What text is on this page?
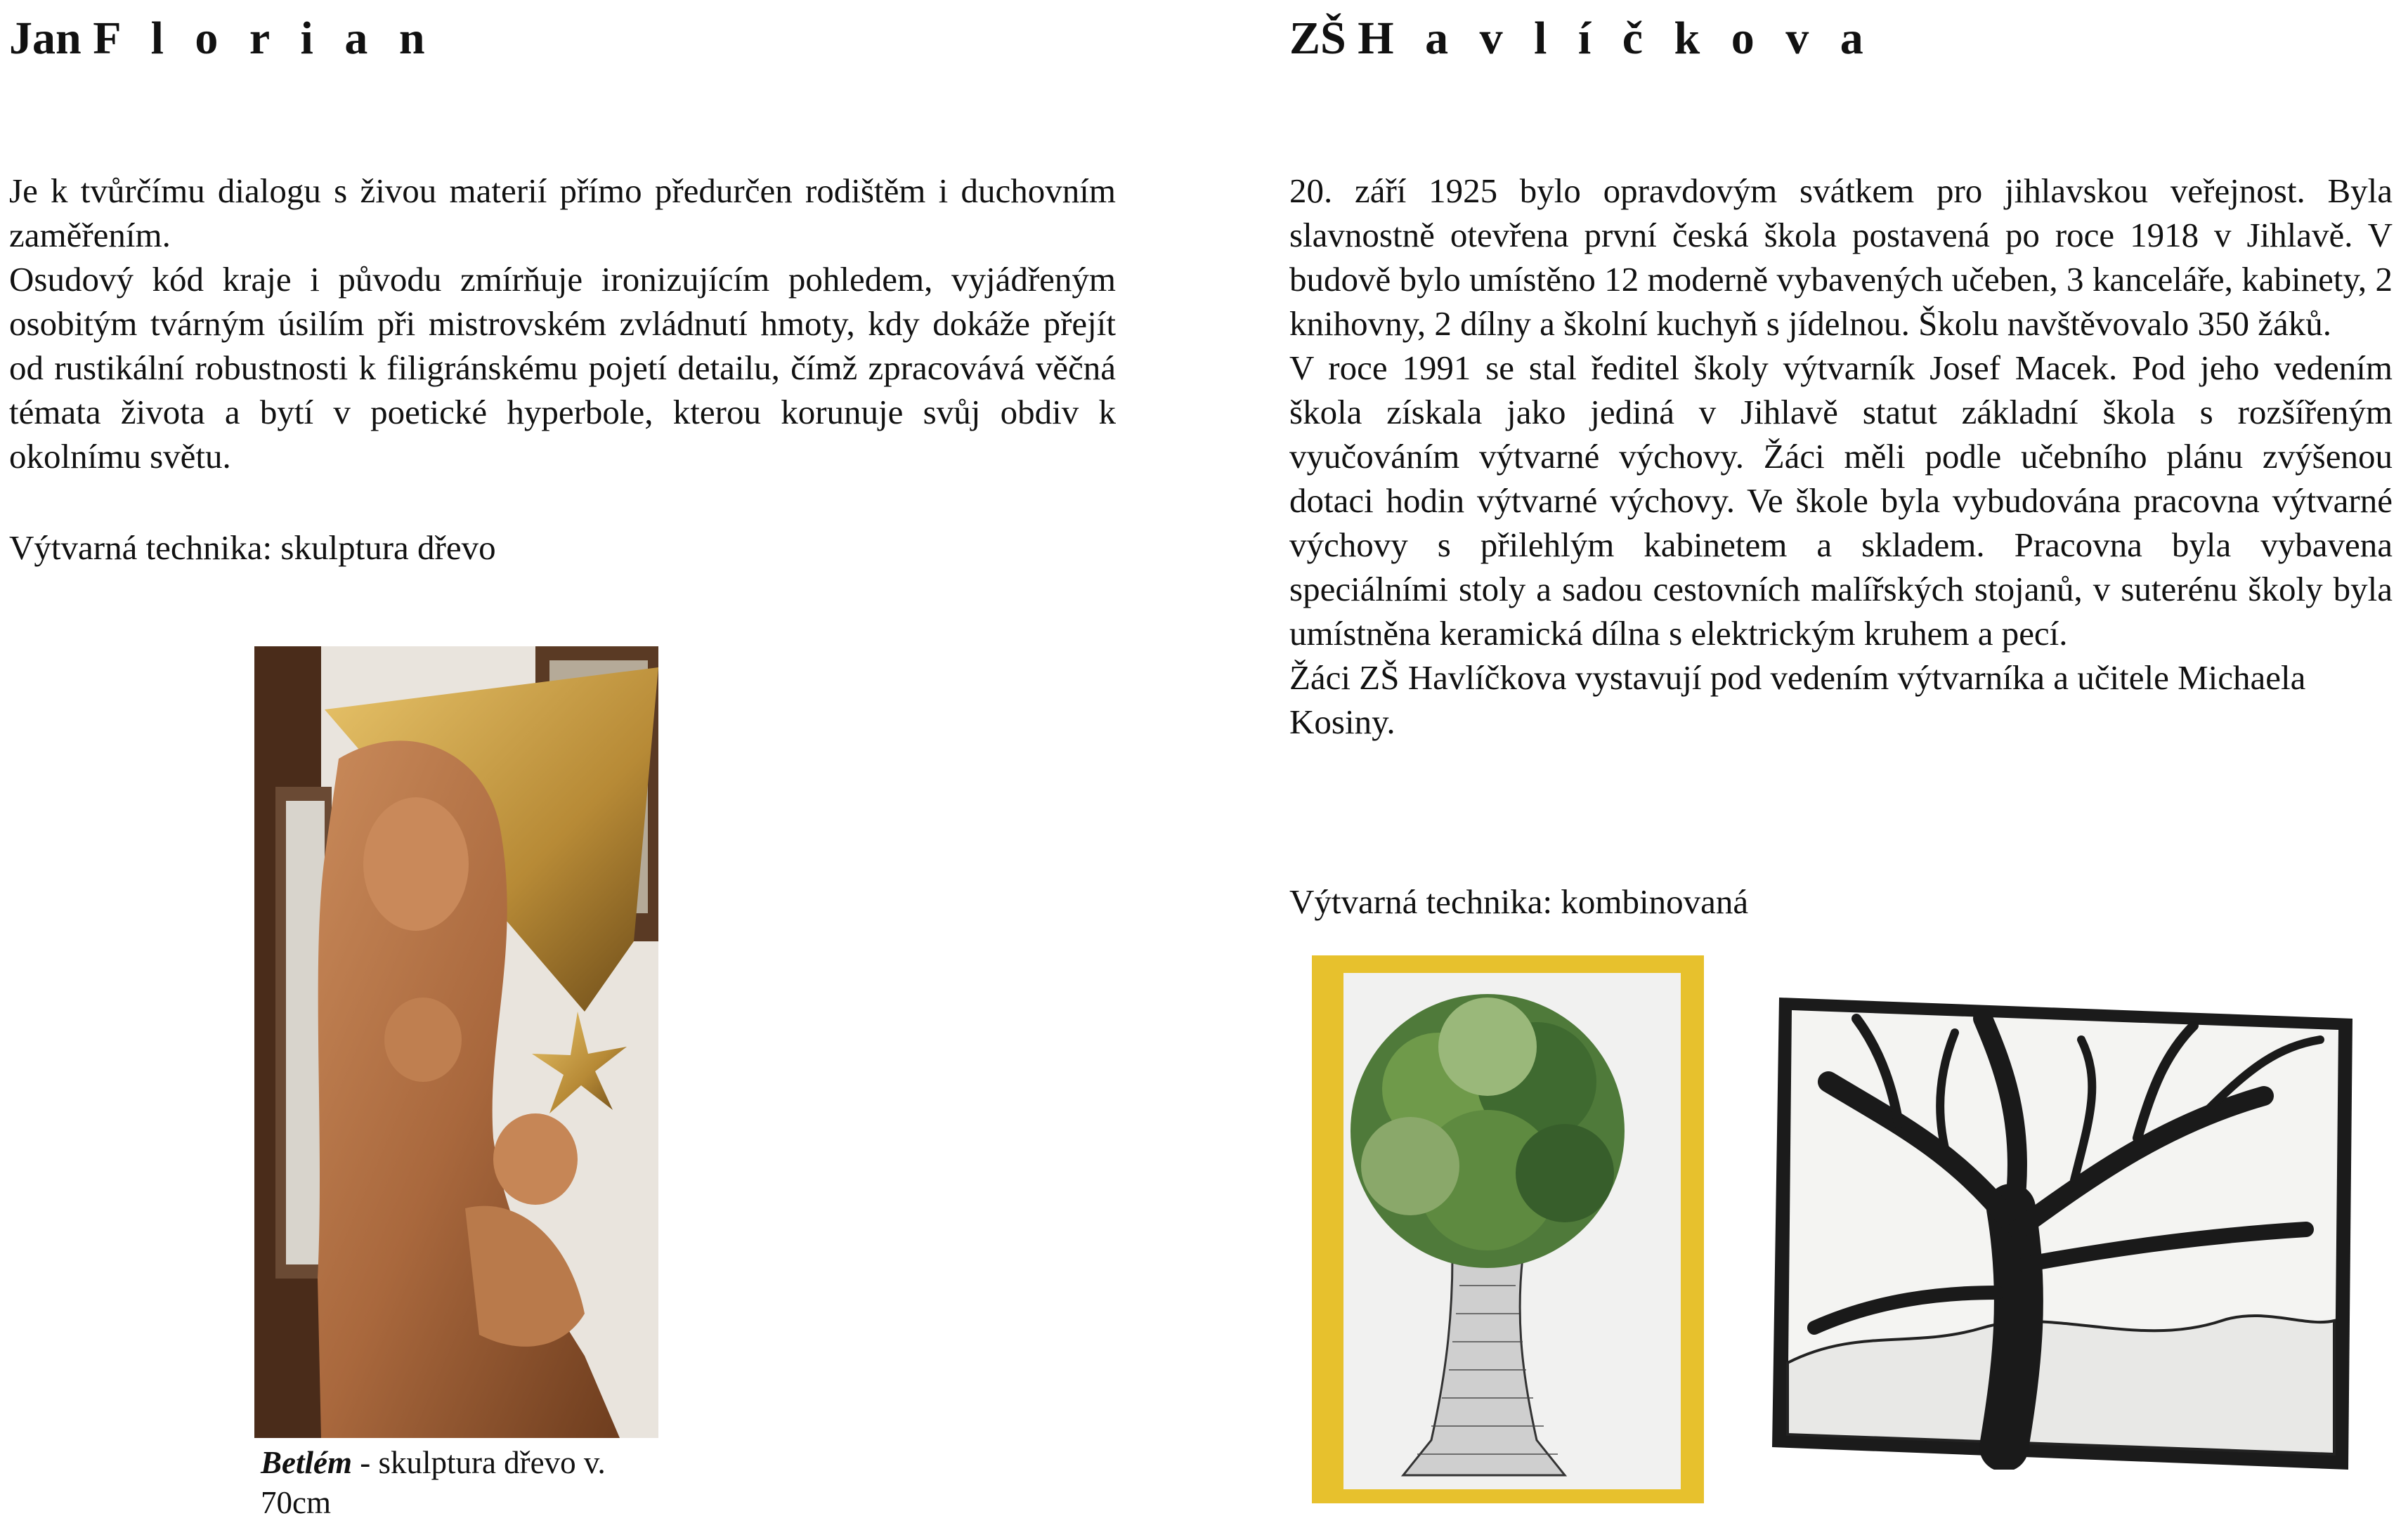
Jan F l o r i a n

Je k tvůrčímu dialogu s živou materií přímo předurčen rodištěm i duchovním zaměřením.

Osudový kód kraje i původu zmírňuje ironizujícím pohledem, vyjádřeným osobitým tvárným úsilím při mistrovském zvládnutí hmoty, kdy dokáže přejít od rustikální robustnosti k filigránskému pojetí detailu, čímž zpracovává věčná témata života a bytí v poetické hyperbole, kterou korunuje svůj obdiv k okolnímu světu.

Výtvarná technika: skulptura dřevo
Betlém - skulptura dřevo v.
70cm
ZŠ H a v l í č k o v a

20. září 1925 bylo opravdovým svátkem pro jihlavskou veřejnost. Byla slavnostně otevřena první česká škola postavená po roce 1918 v Jihlavě. V budově bylo umístěno 12 moderně vybavených učeben, 3 kanceláře, kabinety, 2 knihovny, 2 dílny a školní kuchyň s jídelnou. Školu navštěvovalo 350 žáků.

V roce 1991 se stal ředitel školy výtvarník Josef Macek. Pod jeho vedením škola získala jako jediná v Jihlavě statut základní škola s rozšířeným vyučováním výtvarné výchovy. Žáci měli podle učebního plánu zvýšenou dotaci hodin výtvarné výchovy. Ve škole byla vybudována pracovna výtvarné výchovy s přilehlým kabinetem a skladem. Pracovna byla vybavena speciálními stoly a sadou cestovních malířských stojanů, v suterénu školy byla umístněna keramická dílna s elektrickým kruhem a pecí.

Žáci ZŠ Havlíčkova vystavují pod vedením výtvarníka a učitele Michaela Kosiny.

Výtvarná technika: kombinovaná
